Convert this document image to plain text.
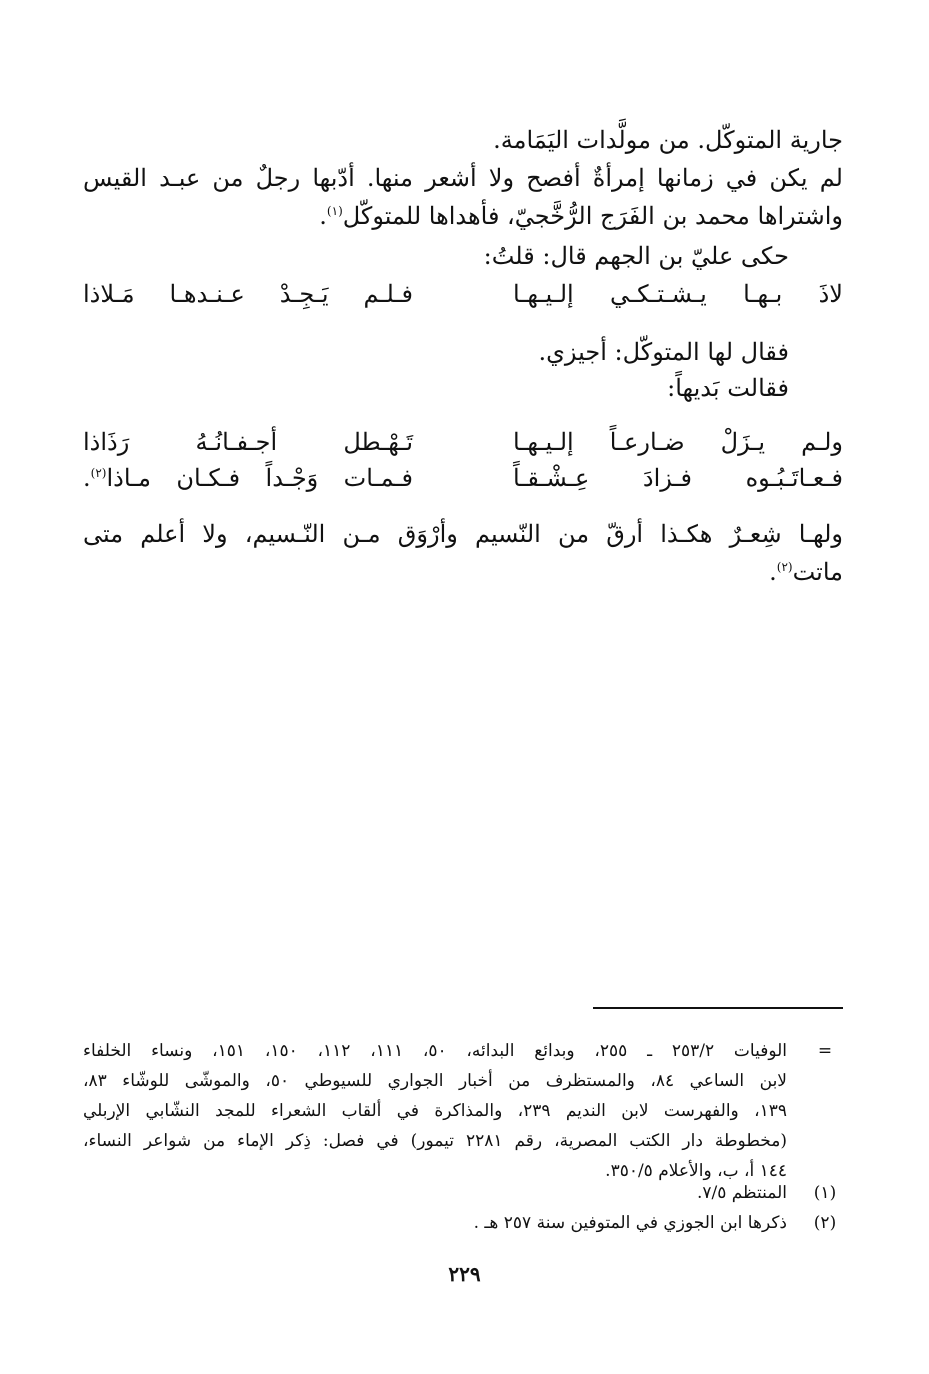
جارية المتوكّل. من مولَّدات اليَمَامة.
لم يكن في زمانها إمرأةٌ أفصح ولا أشعر منها. أدّبها رجلٌ من عبـد القيس
واشتراها محمد بن الفَرَج الرُّخَّجيّ، فأهداها للمتوكّل$^{(١)}$.
حكى عليّ بن الجهم قال: قلتُ:
لاذَ بـهـا يـشـتـكـي إلـيـهـا
فـلـم يَـجِـدْ عـنـدهـا مَـلاذا
فقال لها المتوكّل: أجيزي.
فقالت بَديهاً:
ولـم يـزَلْ ضـارعـاً إلـيـهـا
تَـهْـطل أجـفـانُـهُ رَذَاذا
فـعـاتَـبُـوه فـزادَ عِـشْـقـاً
فـمـات وَجْـداً فـكـان مـاذا$^{(٢)}$.
ولهـا شِعـرٌ هكـذا أرقّ من النّسيم وأرْوَق مـن النّـسيم، ولا أعلم متى
ماتت$^{(٢)}$.
=
الوفيات ٢٥٣/٢ ـ ٢٥٥، وبدائع البدائه، ٥٠، ١١١، ١١٢، ١٥٠، ١٥١، ونساء الخلفاء
لابن الساعي ٨٤، والمستظرف من أخبار الجواري للسيوطي ٥٠، والموشّى للوشّاء ٨٣،
١٣٩، والفهرست لابن النديم ٢٣٩، والمذاكرة في ألقاب الشعراء للمجد النشّابي الإربلي
(مخطوطة دار الكتب المصرية، رقم ٢٢٨١ تيمور) في فصل: ذِكر الإماء من شواعر النساء،
١٤٤ أ، ب، والأعلام ٣٥٠/٥.
(١)
المنتظم ٧/٥.
(٢)
ذكرها ابن الجوزي في المتوفين سنة ٢٥٧ هـ .
٢٢٩
